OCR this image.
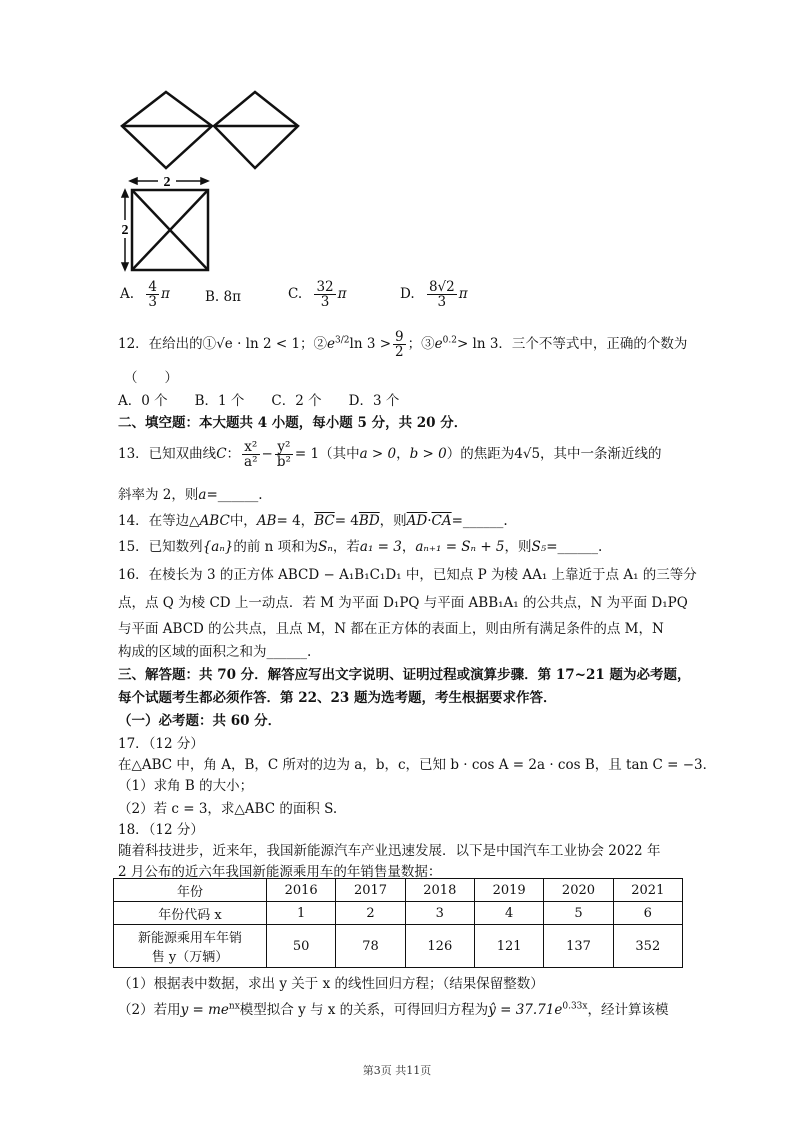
2
2
A. $\frac{4}{3}$ π	B. 8π	C. $\frac{32}{3}$ π	D. $\frac{8√2}{3}$ π
12．在给出的①√e · ln 2 < 1；$②e^{3/2}\ln$ $3 > \frac{9}{2}$ ；$③e^{0.2}> \ln 3$．三个不等式中，正确的个数为
（　　）
A．0 个　　B．1 个　　C．2 个　　D．3 个
二、填空题：本大题共 4 小题，每小题 5 分，共 20 分．
13．已知双曲线C： $\frac{\text{x²}}{\text{a²}} - \frac{\text{y²}}{\text{b²}} = 1$（其中a > 0，b > 0）的焦距为4√5，其中一条渐近线的
斜率为 2，则a=______.
14．在等边△ABC中，AB= 4，$\overline{BC}= 4\overline{BD}$，则$\overline{AD}\cdot\overline{CA}=\_\_\_\_\_\_$.
15．已知数列{aₙ}的前 n 项和为Sₙ，若a₁ = 3，aₙ₊₁ = Sₙ + 5，则S₅=______.
16．在棱长为 3 的正方体 ABCD − A₁B₁C₁D₁ 中，已知点 P 为棱 AA₁ 上靠近于点 A₁ 的三等分
点，点 Q 为棱 CD 上一动点．若 M 为平面 D₁PQ 与平面 ABB₁A₁ 的公共点，N 为平面 D₁PQ
与平面 ABCD 的公共点，且点 M，N 都在正方体的表面上，则由所有满足条件的点 M，N
构成的区域的面积之和为______.
三、解答题：共 70 分．解答应写出文字说明、证明过程或演算步骤．第 17~21 题为必考题，
每个试题考生都必须作答．第 22、23 题为选考题，考生根据要求作答．
（一）必考题：共 60 分．
17．（12 分）
在△ABC 中，角 A，B，C 所对的边为 a，b，c，已知 b · cos A = 2a · cos B，且 tan C = −3．
（1）求角 B 的大小；
（2）若 c = 3，求△ABC 的面积 S.
18．（12 分）
随着科技进步，近来年，我国新能源汽车产业迅速发展．以下是中国汽车工业协会 2022 年
2 月公布的近六年我国新能源乘用车的年销售量数据：
年份	2016	2017	2018	2019	2020	2021
年份代码 x	1	2	3	4	5	6

新能源乘用车年销
售 y（万辆）	50	78	126	121	137	352
（1）根据表中数据，求出 y 关于 x 的线性回归方程；（结果保留整数）
（2）若用$y = me^{nx}$模型拟合 y 与 x 的关系，可得回归方程为ŷ = $37.71e^{0.33x}$，经计算该模
第3页 共11页
